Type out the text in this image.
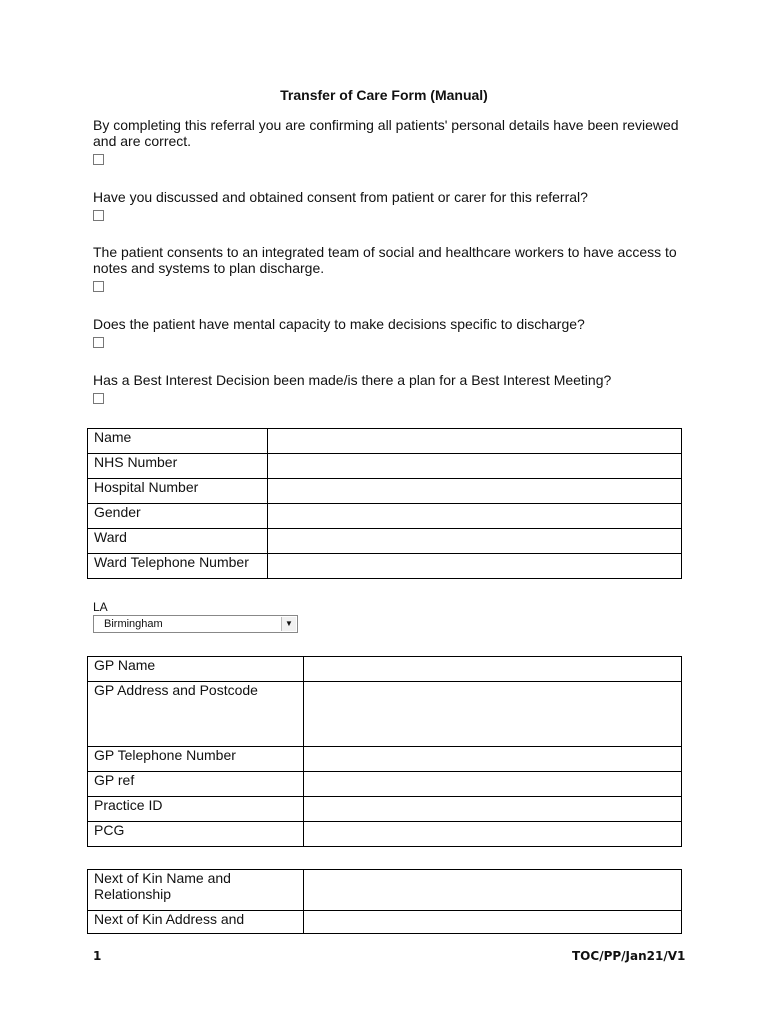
Transfer of Care Form (Manual)
By completing this referral you are confirming all patients' personal details have been reviewed and are correct.
Have you discussed and obtained consent from patient or carer for this referral?
The patient consents to an integrated team of social and healthcare workers to have access to notes and systems to plan discharge.
Does the patient have mental capacity to make decisions specific to discharge?
Has a Best Interest Decision been made/is there a plan for a Best Interest Meeting?
Name	
NHS Number	
Hospital Number	
Gender	
Ward	
Ward Telephone Number	
LA
Birmingham	▼
GP Name	
GP Address and Postcode	
GP Telephone Number	
GP ref	
Practice ID	
PCG	
Next of Kin Name and Relationship	
Next of Kin Address and	
1	TOC/PP/Jan21/V1
